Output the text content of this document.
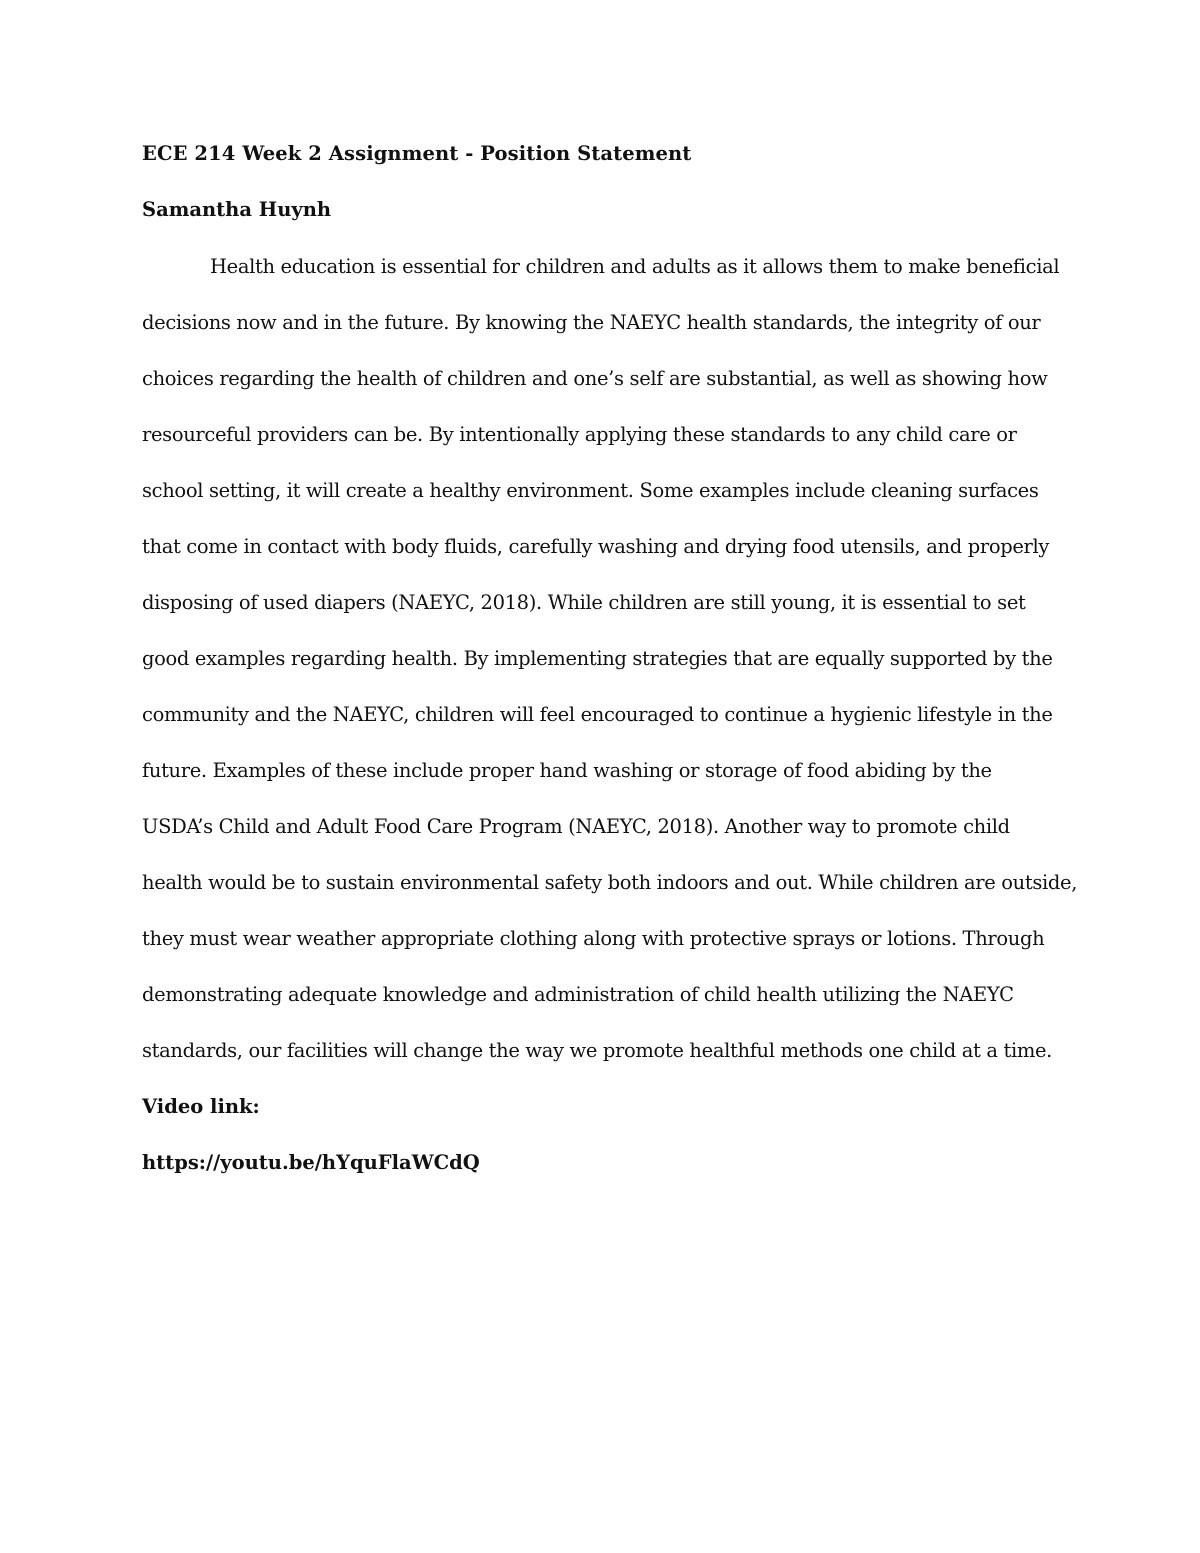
ECE 214 Week 2 Assignment - Position Statement
Samantha Huynh
Health education is essential for children and adults as it allows them to make beneficial
decisions now and in the future. By knowing the NAEYC health standards, the integrity of our
choices regarding the health of children and one’s self are substantial, as well as showing how
resourceful providers can be. By intentionally applying these standards to any child care or
school setting, it will create a healthy environment. Some examples include cleaning surfaces
that come in contact with body fluids, carefully washing and drying food utensils, and properly
disposing of used diapers (NAEYC, 2018). While children are still young, it is essential to set
good examples regarding health. By implementing strategies that are equally supported by the
community and the NAEYC, children will feel encouraged to continue a hygienic lifestyle in the
future. Examples of these include proper hand washing or storage of food abiding by the
USDA’s Child and Adult Food Care Program (NAEYC, 2018). Another way to promote child
health would be to sustain environmental safety both indoors and out. While children are outside,
they must wear weather appropriate clothing along with protective sprays or lotions. Through
demonstrating adequate knowledge and administration of child health utilizing the NAEYC
standards, our facilities will change the way we promote healthful methods one child at a time.
Video link:
https://youtu.be/hYquFlaWCdQ
